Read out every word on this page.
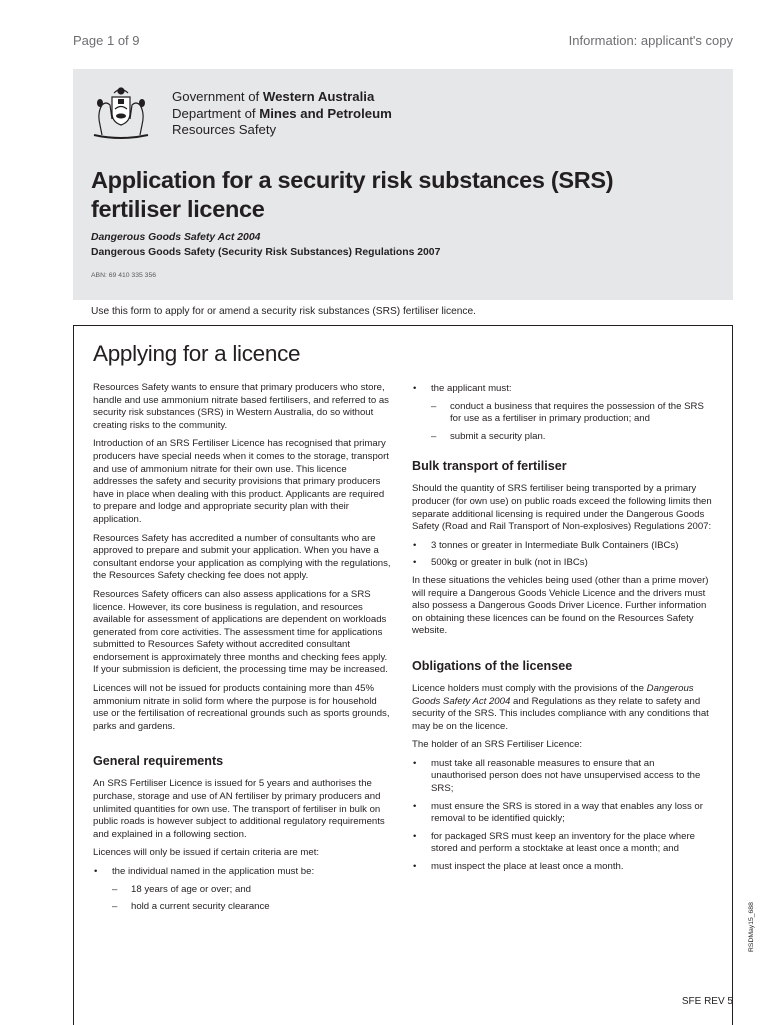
Page 1 of 9	Information: applicant's copy
Government of Western Australia
Department of Mines and Petroleum
Resources Safety
Application for a security risk substances (SRS)
fertiliser licence
Dangerous Goods Safety Act 2004
Dangerous Goods Safety (Security Risk Substances) Regulations 2007
ABN: 69 410 335 356
Use this form to apply for or amend a security risk substances (SRS) fertiliser licence.
Applying for a licence

Resources Safety wants to ensure that primary producers who store, handle and use ammonium nitrate based fertilisers, and referred to as security risk substances (SRS) in Western Australia, do so without creating risks to the community.

Introduction of an SRS Fertiliser Licence has recognised that primary producers have special needs when it comes to the storage, transport and use of ammonium nitrate for their own use. This licence addresses the safety and security provisions that primary producers have in place when dealing with this product. Applicants are required to prepare and lodge and appropriate security plan with their application.

Resources Safety has accredited a number of consultants who are approved to prepare and submit your application. When you have a consultant endorse your application as complying with the regulations, the Resources Safety checking fee does not apply.

Resources Safety officers can also assess applications for a SRS licence. However, its core business is regulation, and resources available for assessment of applications are dependent on workloads generated from core activities. The assessment time for applications submitted to Resources Safety without accredited consultant endorsement is approximately three months and checking fees apply. If your submission is deficient, the processing time may be increased.

Licences will not be issued for products containing more than 45% ammonium nitrate in solid form where the purpose is for household use or the fertilisation of recreational grounds such as sports grounds, parks and gardens.

General requirements

An SRS Fertiliser Licence is issued for 5 years and authorises the purchase, storage and use of AN fertiliser by primary producers and unlimited quantities for own use. The transport of fertiliser in bulk on public roads is however subject to additional regulatory requirements and explained in a following section.

Licences will only be issued if certain criteria are met:

• the individual named in the application must be:
– 18 years of age or over; and
– hold a current security clearance
• the applicant must:
– conduct a business that requires the possession of the SRS for use as a fertiliser in primary production; and
– submit a security plan.
Bulk transport of fertiliser

Should the quantity of SRS fertiliser being transported by a primary producer (for own use) on public roads exceed the following limits then separate additional licensing is required under the Dangerous Goods Safety (Road and Rail Transport of Non-explosives) Regulations 2007:

• 3 tonnes or greater in Intermediate Bulk Containers (IBCs)
• 500kg or greater in bulk (not in IBCs)

In these situations the vehicles being used (other than a prime mover) will require a Dangerous Goods Vehicle Licence and the drivers must also possess a Dangerous Goods Driver Licence. Further information on obtaining these licences can be found on the Resources Safety website.

Obligations of the licensee

Licence holders must comply with the provisions of the Dangerous Goods Safety Act 2004 and Regulations as they relate to safety and security of the SRS. This includes compliance with any conditions that may be on the licence.

The holder of an SRS Fertiliser Licence:

• must take all reasonable measures to ensure that an unauthorised person does not have unsupervised access to the SRS;
• must ensure the SRS is stored in a way that enables any loss or removal to be identified quickly;
• for packaged SRS must keep an inventory for the place where stored and perform a stocktake at least once a month; and
• must inspect the place at least once a month.
RSDMay15_688
SFE REV 5
